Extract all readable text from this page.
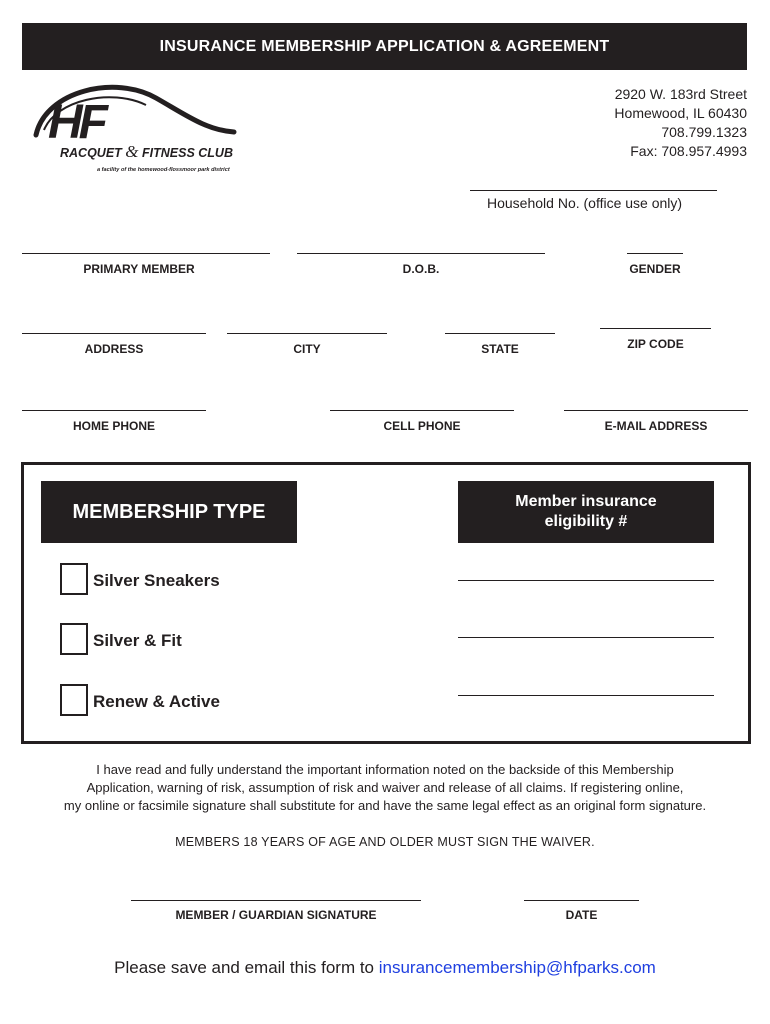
INSURANCE MEMBERSHIP APPLICATION & AGREEMENT
HF
RACQUET & FITNESS CLUB
a facility of the homewood-flossmoor park district
2920 W. 183rd Street
Homewood, IL 60430
708.799.1323
Fax: 708.957.4993
Household No. (office use only)
PRIMARY MEMBER	D.O.B.	GENDER
ADDRESS	CITY	STATE	ZIP CODE
HOME PHONE	CELL PHONE	E-MAIL ADDRESS
MEMBERSHIP TYPE	Member insurance
eligibility #
Silver Sneakers
Silver & Fit
Renew & Active
I have read and fully understand the important information noted on the backside of this Membership
Application, warning of risk, assumption of risk and waiver and release of all claims. If registering online,
my online or facsimile signature shall substitute for and have the same legal effect as an original form signature.
MEMBERS 18 YEARS OF AGE AND OLDER MUST SIGN THE WAIVER.
MEMBER / GUARDIAN SIGNATURE	DATE
Please save and email this form to insurancemembership@hfparks.com
